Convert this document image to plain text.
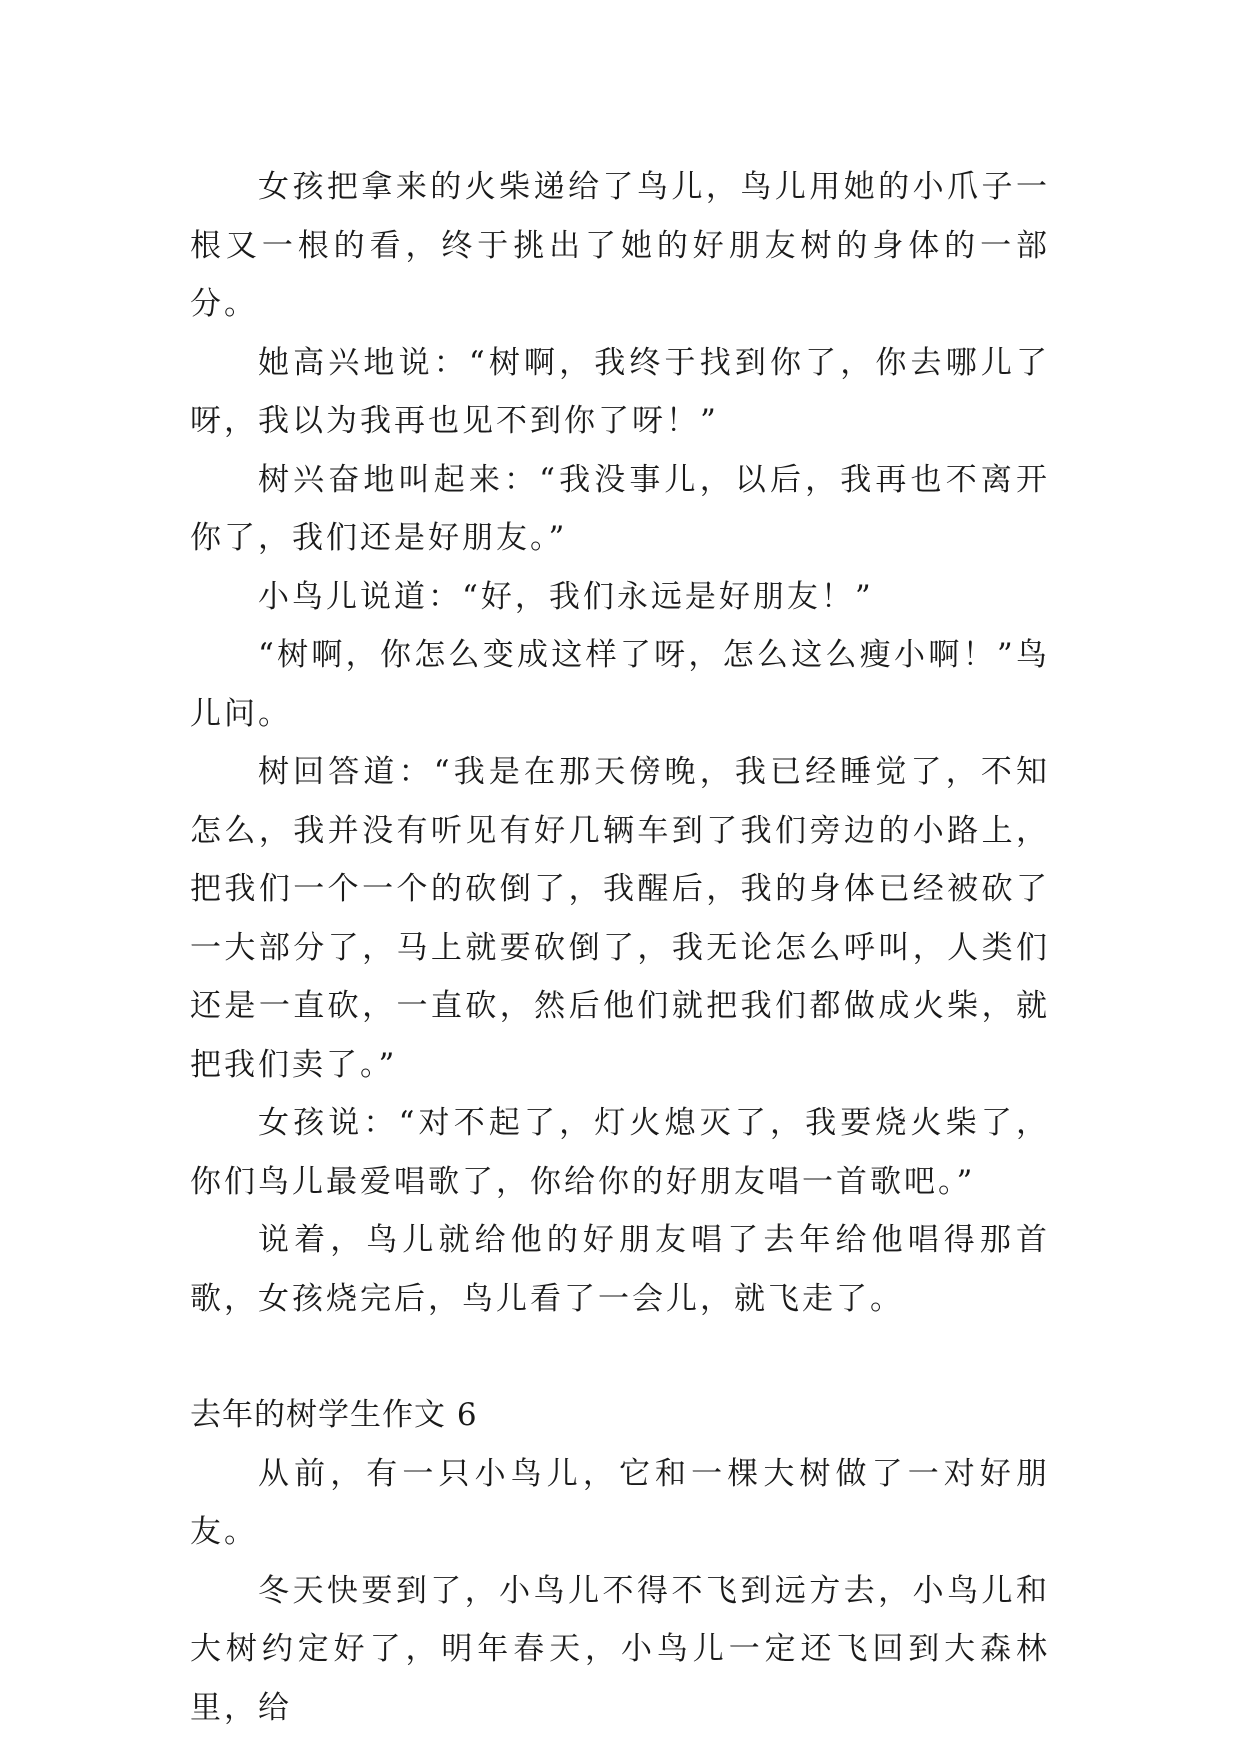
女孩把拿来的火柴递给了鸟儿，鸟儿用她的小爪子一根又一根的看，终于挑出了她的好朋友树的身体的一部分。

她高兴地说：“树啊，我终于找到你了，你去哪儿了呀，我以为我再也见不到你了呀！”

树兴奋地叫起来：“我没事儿，以后，我再也不离开你了，我们还是好朋友。”

小鸟儿说道：“好，我们永远是好朋友！”

“树啊，你怎么变成这样了呀，怎么这么瘦小啊！”鸟儿问。

树回答道：“我是在那天傍晚，我已经睡觉了，不知怎么，我并没有听见有好几辆车到了我们旁边的小路上，把我们一个一个的砍倒了，我醒后，我的身体已经被砍了一大部分了，马上就要砍倒了，我无论怎么呼叫，人类们还是一直砍，一直砍，然后他们就把我们都做成火柴，就把我们卖了。”

女孩说：“对不起了，灯火熄灭了，我要烧火柴了，你们鸟儿最爱唱歌了，你给你的好朋友唱一首歌吧。”

说着，鸟儿就给他的好朋友唱了去年给他唱得那首歌，女孩烧完后，鸟儿看了一会儿，就飞走了。

去年的树学生作文 6

从前，有一只小鸟儿，它和一棵大树做了一对好朋友。

冬天快要到了，小鸟儿不得不飞到远方去，小鸟儿和大树约定好了，明年春天，小鸟儿一定还飞回到大森林里，给
